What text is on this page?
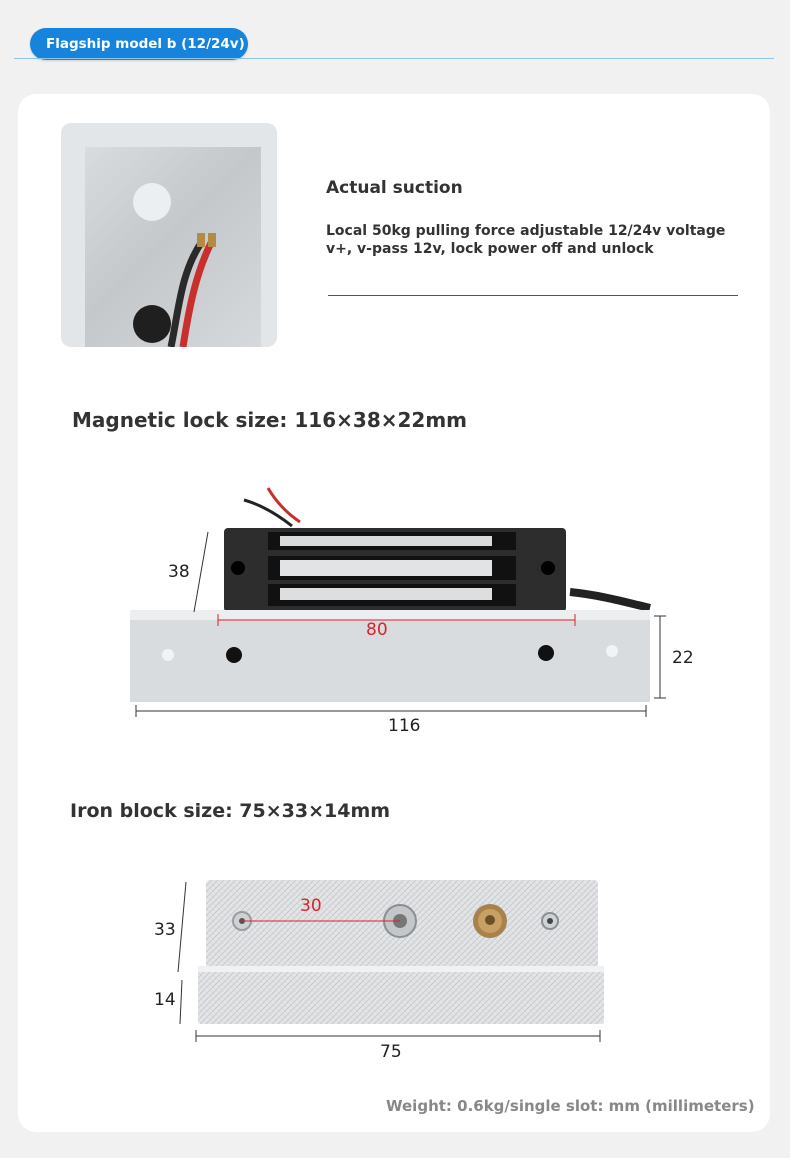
Flagship model b (12/24v)
Actual suction
Local 50kg pulling force adjustable 12/24v voltage v+, v-pass 12v, lock power off and unlock
Magnetic lock size: 116×38×22mm
38
80
22
116
Iron block size: 75×33×14mm
30
33
14
75
Weight: 0.6kg/single slot: mm (millimeters)
